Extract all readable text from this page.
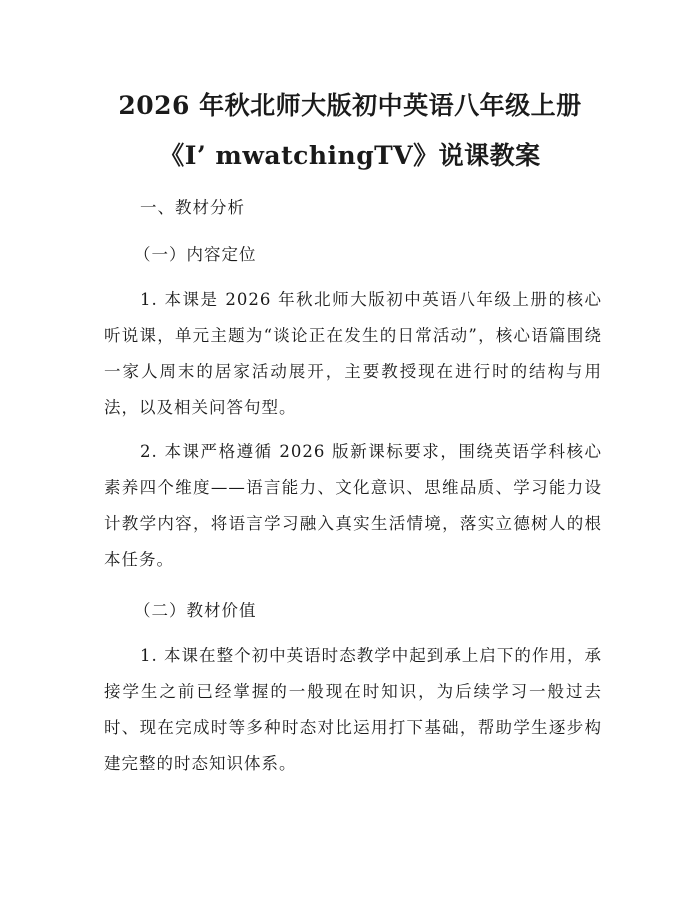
2026 年秋北师大版初中英语八年级上册
《I’ mwatchingTV》说课教案
一、教材分析
（一）内容定位
1. 本课是 2026 年秋北师大版初中英语八年级上册的核心听说课，单元主题为“谈论正在发生的日常活动”，核心语篇围绕一家人周末的居家活动展开，主要教授现在进行时的结构与用法，以及相关问答句型。
2. 本课严格遵循 2026 版新课标要求，围绕英语学科核心素养四个维度——语言能力、文化意识、思维品质、学习能力设计教学内容，将语言学习融入真实生活情境，落实立德树人的根本任务。
（二）教材价值
1. 本课在整个初中英语时态教学中起到承上启下的作用，承接学生之前已经掌握的一般现在时知识，为后续学习一般过去时、现在完成时等多种时态对比运用打下基础，帮助学生逐步构建完整的时态知识体系。
